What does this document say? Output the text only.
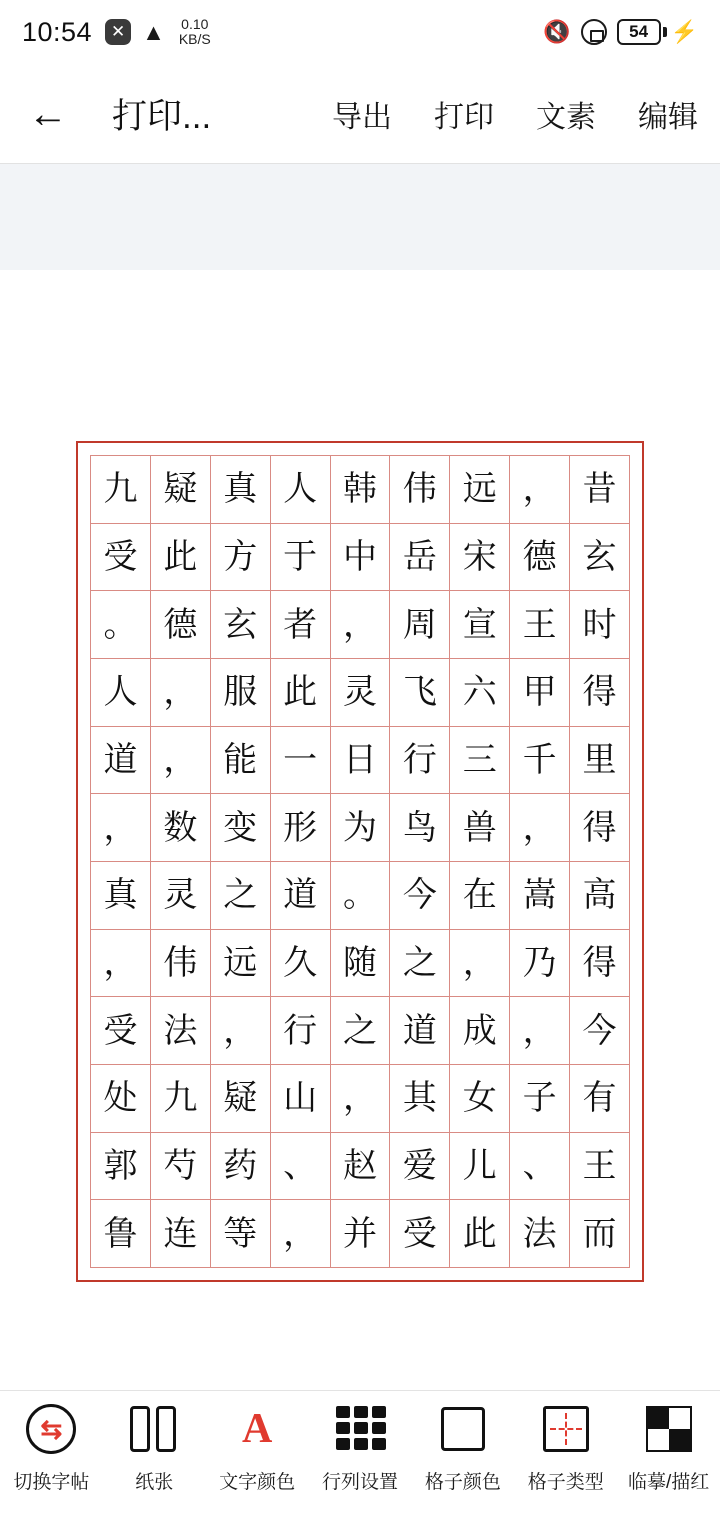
10:54	✕ ▲ 0.10
KB/S	🔇	54	⚡
←	打印...	导出 打印 文素 编辑
九 疑 真 人 韩 伟 远 ， 昔
受 此 方 于 中 岳 宋 德 玄
。 德 玄 者 ， 周 宣 王 时
人 ， 服 此 灵 飞 六 甲 得
道 ， 能 一 日 行 三 千 里
， 数 变 形 为 鸟 兽 ， 得
真 灵 之 道 。 今 在 嵩 高
， 伟 远 久 随 之 ， 乃 得
受 法 ， 行 之 道 成 ， 今
处 九 疑 山 ， 其 女 子 有
郭 芍 药 、 赵 爱 儿 、 王
鲁 连 等 ， 并 受 此 法 而
⇆
切换字帖 纸张
A
文字颜色 行列设置 格子颜色 格子类型 临摹/描红
